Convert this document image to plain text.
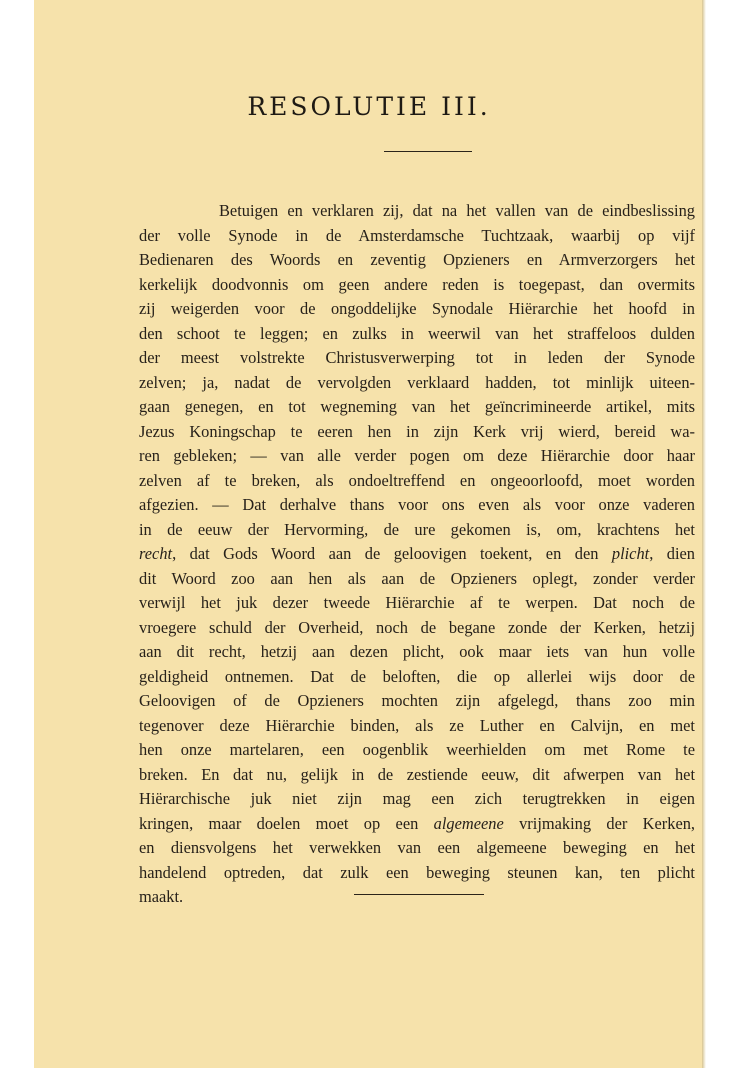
RESOLUTIE III.
Betuigen en verklaren zij, dat na het vallen van de eindbeslissing
der volle Synode in de Amsterdamsche Tuchtzaak, waarbij op vijf
Bedienaren des Woords en zeventig Opzieners en Armverzorgers het
kerkelijk doodvonnis om geen andere reden is toegepast, dan overmits
zij weigerden voor de ongoddelijke Synodale Hiërarchie het hoofd in
den schoot te leggen; en zulks in weerwil van het straffeloos dulden
der meest volstrekte Christusverwerping tot in leden der Synode
zelven; ja, nadat de vervolgden verklaard hadden, tot minlijk uiteen-
gaan genegen, en tot wegneming van het geïncrimineerde artikel, mits
Jezus Koningschap te eeren hen in zijn Kerk vrij wierd, bereid wa-
ren gebleken; — van alle verder pogen om deze Hiërarchie door haar
zelven af te breken, als ondoeltreffend en ongeoorloofd, moet worden
afgezien. — Dat derhalve thans voor ons even als voor onze vaderen
in de eeuw der Hervorming, de ure gekomen is, om, krachtens het
recht, dat Gods Woord aan de geloovigen toekent, en den plicht, dien
dit Woord zoo aan hen als aan de Opzieners oplegt, zonder verder
verwijl het juk dezer tweede Hiërarchie af te werpen. Dat noch de
vroegere schuld der Overheid, noch de begane zonde der Kerken, hetzij
aan dit recht, hetzij aan dezen plicht, ook maar iets van hun volle
geldigheid ontnemen. Dat de beloften, die op allerlei wijs door de
Geloovigen of de Opzieners mochten zijn afgelegd, thans zoo min
tegenover deze Hiërarchie binden, als ze Luther en Calvijn, en met
hen onze martelaren, een oogenblik weerhielden om met Rome te
breken. En dat nu, gelijk in de zestiende eeuw, dit afwerpen van het
Hiërarchische juk niet zijn mag een zich terugtrekken in eigen
kringen, maar doelen moet op een algemeene vrijmaking der Kerken,
en diensvolgens het verwekken van een algemeene beweging en het
handelend optreden, dat zulk een beweging steunen kan, ten plicht
maakt.
